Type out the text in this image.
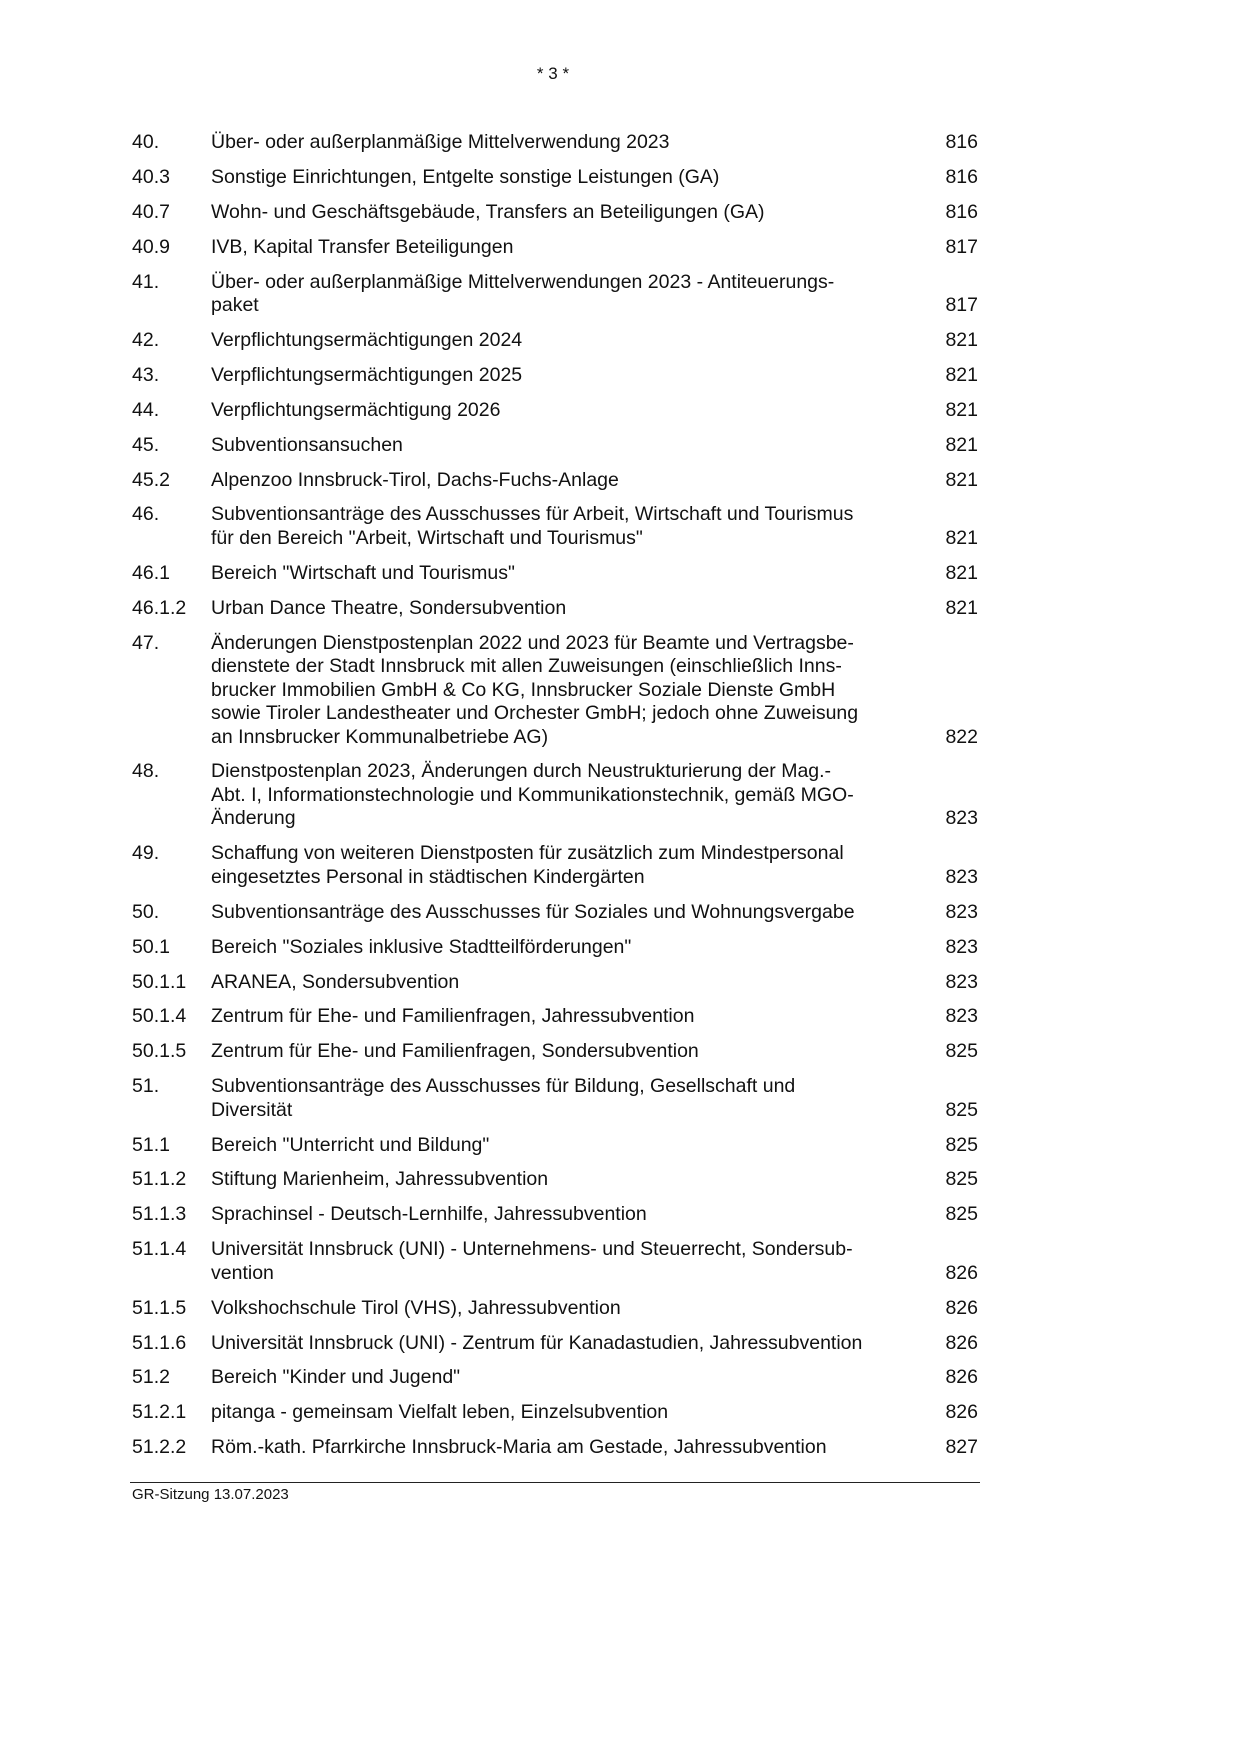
* 3 *
40.	Über- oder außerplanmäßige Mittelverwendung 2023	816
40.3	Sonstige Einrichtungen, Entgelte sonstige Leistungen (GA)	816
40.7	Wohn- und Geschäftsgebäude, Transfers an Beteiligungen (GA)	816
40.9	IVB, Kapital Transfer Beteiligungen	817
41.	Über- oder außerplanmäßige Mittelverwendungen 2023 - Antiteuerungs-
paket	817
42.	Verpflichtungsermächtigungen 2024	821
43.	Verpflichtungsermächtigungen 2025	821
44.	Verpflichtungsermächtigung 2026	821
45.	Subventionsansuchen	821
45.2	Alpenzoo Innsbruck-Tirol, Dachs-Fuchs-Anlage	821
46.	Subventionsanträge des Ausschusses für Arbeit, Wirtschaft und Tourismus
für den Bereich "Arbeit, Wirtschaft und Tourismus"	821
46.1	Bereich "Wirtschaft und Tourismus"	821
46.1.2	Urban Dance Theatre, Sondersubvention	821
47.	Änderungen Dienstpostenplan 2022 und 2023 für Beamte und Vertragsbe-
dienstete der Stadt Innsbruck mit allen Zuweisungen (einschließlich Inns-
brucker Immobilien GmbH & Co KG, Innsbrucker Soziale Dienste GmbH
sowie Tiroler Landestheater und Orchester GmbH; jedoch ohne Zuweisung
an Innsbrucker Kommunalbetriebe AG)	822
48.	Dienstpostenplan 2023, Änderungen durch Neustrukturierung der Mag.-
Abt. I, Informationstechnologie und Kommunikationstechnik, gemäß MGO-
Änderung	823
49.	Schaffung von weiteren Dienstposten für zusätzlich zum Mindestpersonal
eingesetztes Personal in städtischen Kindergärten	823
50.	Subventionsanträge des Ausschusses für Soziales und Wohnungsvergabe	823
50.1	Bereich "Soziales inklusive Stadtteilförderungen"	823
50.1.1	ARANEA, Sondersubvention	823
50.1.4	Zentrum für Ehe- und Familienfragen, Jahressubvention	823
50.1.5	Zentrum für Ehe- und Familienfragen, Sondersubvention	825
51.	Subventionsanträge des Ausschusses für Bildung, Gesellschaft und
Diversität	825
51.1	Bereich "Unterricht und Bildung"	825
51.1.2	Stiftung Marienheim, Jahressubvention	825
51.1.3	Sprachinsel - Deutsch-Lernhilfe, Jahressubvention	825
51.1.4	Universität Innsbruck (UNI) - Unternehmens- und Steuerrecht, Sondersub-
vention	826
51.1.5	Volkshochschule Tirol (VHS), Jahressubvention	826
51.1.6	Universität Innsbruck (UNI) - Zentrum für Kanadastudien, Jahressubvention	826
51.2	Bereich "Kinder und Jugend"	826
51.2.1	pitanga - gemeinsam Vielfalt leben, Einzelsubvention	826
51.2.2	Röm.-kath. Pfarrkirche Innsbruck-Maria am Gestade, Jahressubvention	827
GR-Sitzung 13.07.2023
